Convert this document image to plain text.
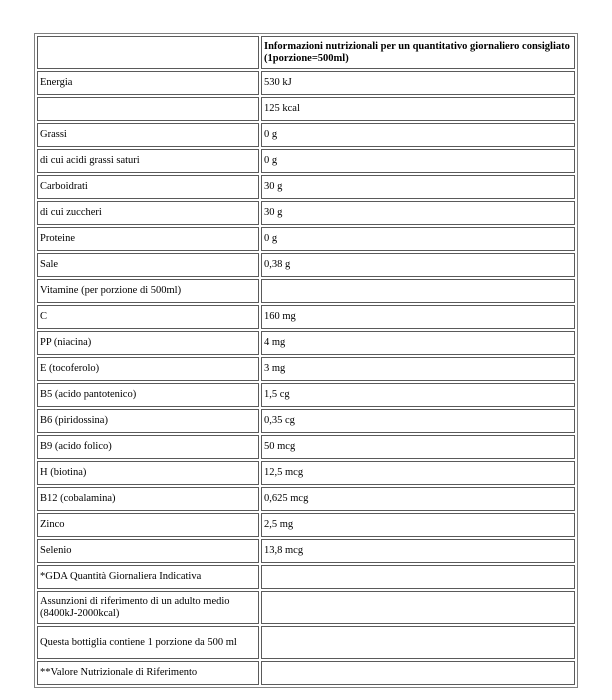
	Informazioni nutrizionali per un quantitativo giornaliero consigliato (1porzione=500ml)
Energia	530 kJ
	125 kcal
Grassi	0 g
di cui acidi grassi saturi	0 g
Carboidrati	30 g
di cui zuccheri	30 g
Proteine	0 g
Sale	0,38 g
Vitamine (per porzione di 500ml)	
C	160 mg
PP (niacina)	4 mg
E (tocoferolo)	3 mg
B5 (acido pantotenico)	1,5 cg
B6 (piridossina)	0,35 cg
B9 (acido folico)	50 mcg
H (biotina)	12,5 mcg
B12 (cobalamina)	0,625 mcg
Zinco	2,5 mg
Selenio	13,8 mcg
*GDA Quantità Giornaliera Indicativa	
Assunzioni di riferimento di un adulto medio (8400kJ-2000kcal)	
Questa bottiglia contiene 1 porzione da 500 ml	
**Valore Nutrizionale di Riferimento	
